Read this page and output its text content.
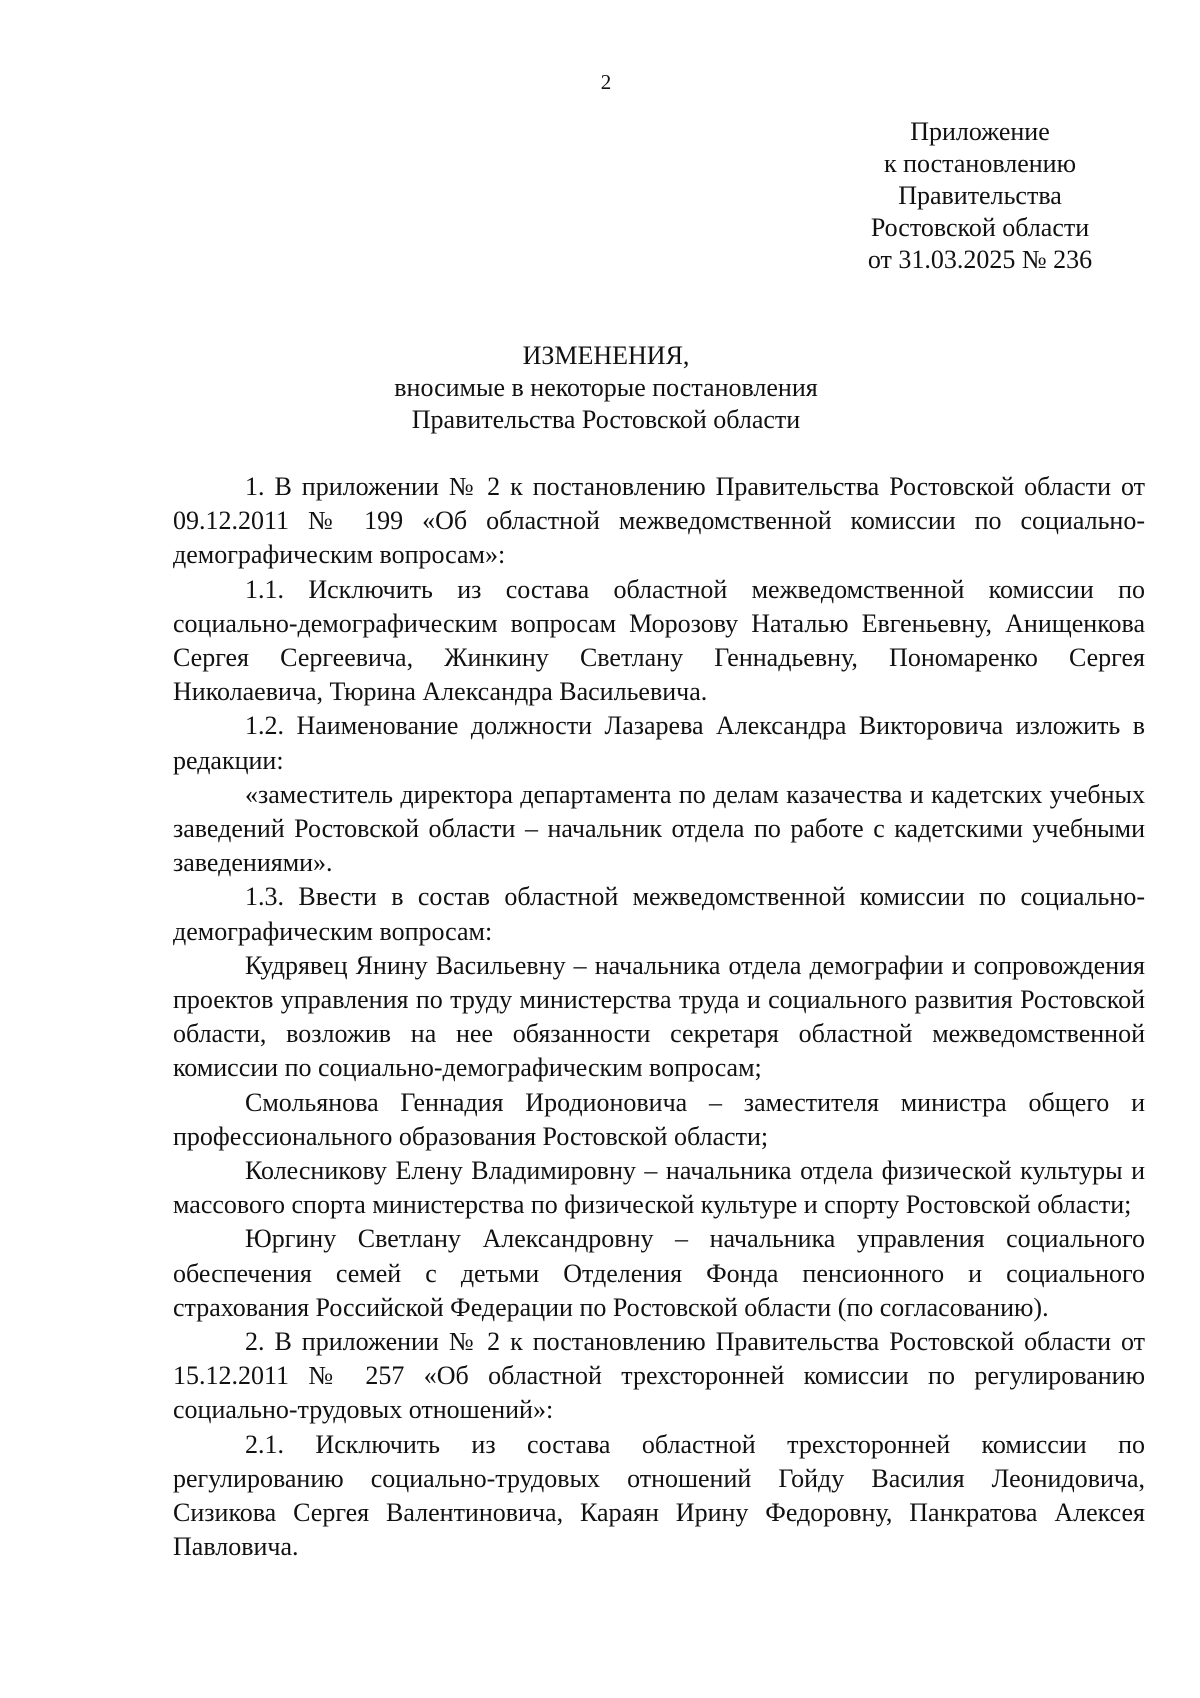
2
Приложение
к постановлению
Правительства
Ростовской области
от 31.03.2025 № 236
ИЗМЕНЕНИЯ,
вносимые в некоторые постановления
Правительства Ростовской области

1. В приложении № 2 к постановлению Правительства Ростовской области от 09.12.2011 № 199 «Об областной межведомственной комиссии по социально-демографическим вопросам»:

1.1. Исключить из состава областной межведомственной комиссии по социально-демографическим вопросам Морозову Наталью Евгеньевну, Анищенкова Сергея Сергеевича, Жинкину Светлану Геннадьевну, Пономаренко Сергея Николаевича, Тюрина Александра Васильевича.

1.2. Наименование должности Лазарева Александра Викторовича изложить в редакции:

«заместитель директора департамента по делам казачества и кадетских учебных заведений Ростовской области – начальник отдела по работе с кадетскими учебными заведениями».

1.3. Ввести в состав областной межведомственной комиссии по социально-демографическим вопросам:

Кудрявец Янину Васильевну – начальника отдела демографии и сопровождения проектов управления по труду министерства труда и социального развития Ростовской области, возложив на нее обязанности секретаря областной межведомственной комиссии по социально-демографическим вопросам;

Смольянова Геннадия Иродионовича – заместителя министра общего и профессионального образования Ростовской области;

Колесникову Елену Владимировну – начальника отдела физической культуры и массового спорта министерства по физической культуре и спорту Ростовской области;

Юргину Светлану Александровну – начальника управления социального обеспечения семей с детьми Отделения Фонда пенсионного и социального страхования Российской Федерации по Ростовской области (по согласованию).

2. В приложении № 2 к постановлению Правительства Ростовской области от 15.12.2011 № 257 «Об областной трехсторонней комиссии по регулированию социально-трудовых отношений»:

2.1. Исключить из состава областной трехсторонней комиссии по регулированию социально-трудовых отношений Гойду Василия Леонидовича, Сизикова Сергея Валентиновича, Караян Ирину Федоровну, Панкратова Алексея Павловича.
